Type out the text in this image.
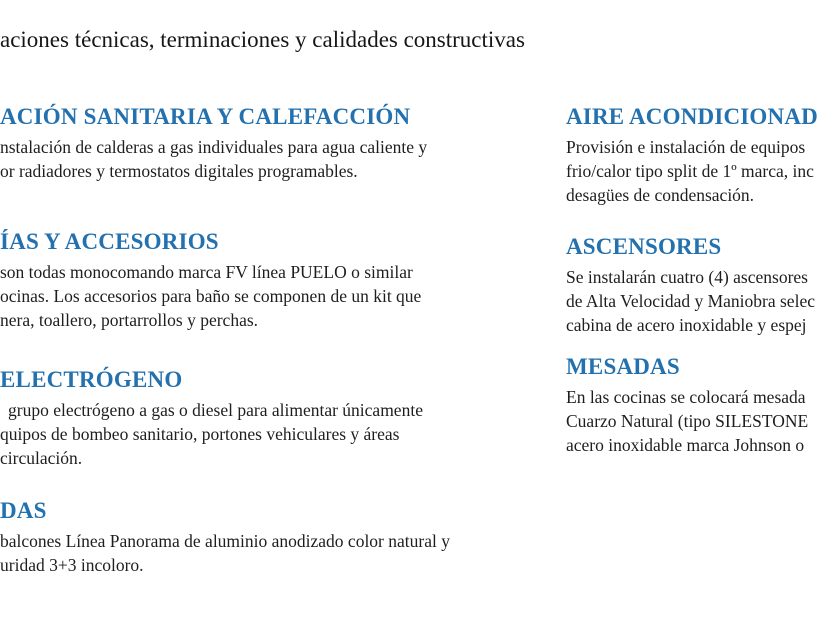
aciones técnicas, terminaciones y calidades constructivas
ACIÓN SANITARIA Y CALEFACCIÓN
nstalación de calderas a gas individuales para agua caliente y
or radiadores y termostatos digitales programables.
ÍAS Y ACCESORIOS
son todas monocomando marca FV línea PUELO o similar
ocinas. Los accesorios para baño se componen de un kit que
nera, toallero, portarrollos y perchas.
ELECTRÓGENO
grupo electrógeno a gas o diesel para alimentar únicamente
quipos de bombeo sanitario, portones vehiculares y áreas
circulación.
DAS
balcones Línea Panorama de aluminio anodizado color natural y
uridad 3+3 incoloro.
AIRE ACONDICIONAD
Provisión e instalación de equipos
frio/calor tipo split de 1º marca, inc
desagües de condensación.
ASCENSORES
Se instalarán cuatro (4) ascensores
de Alta Velocidad y Maniobra selec
cabina de acero inoxidable y espej
MESADAS
En las cocinas se colocará mesada
Cuarzo Natural (tipo SILESTONE
acero inoxidable marca Johnson o
